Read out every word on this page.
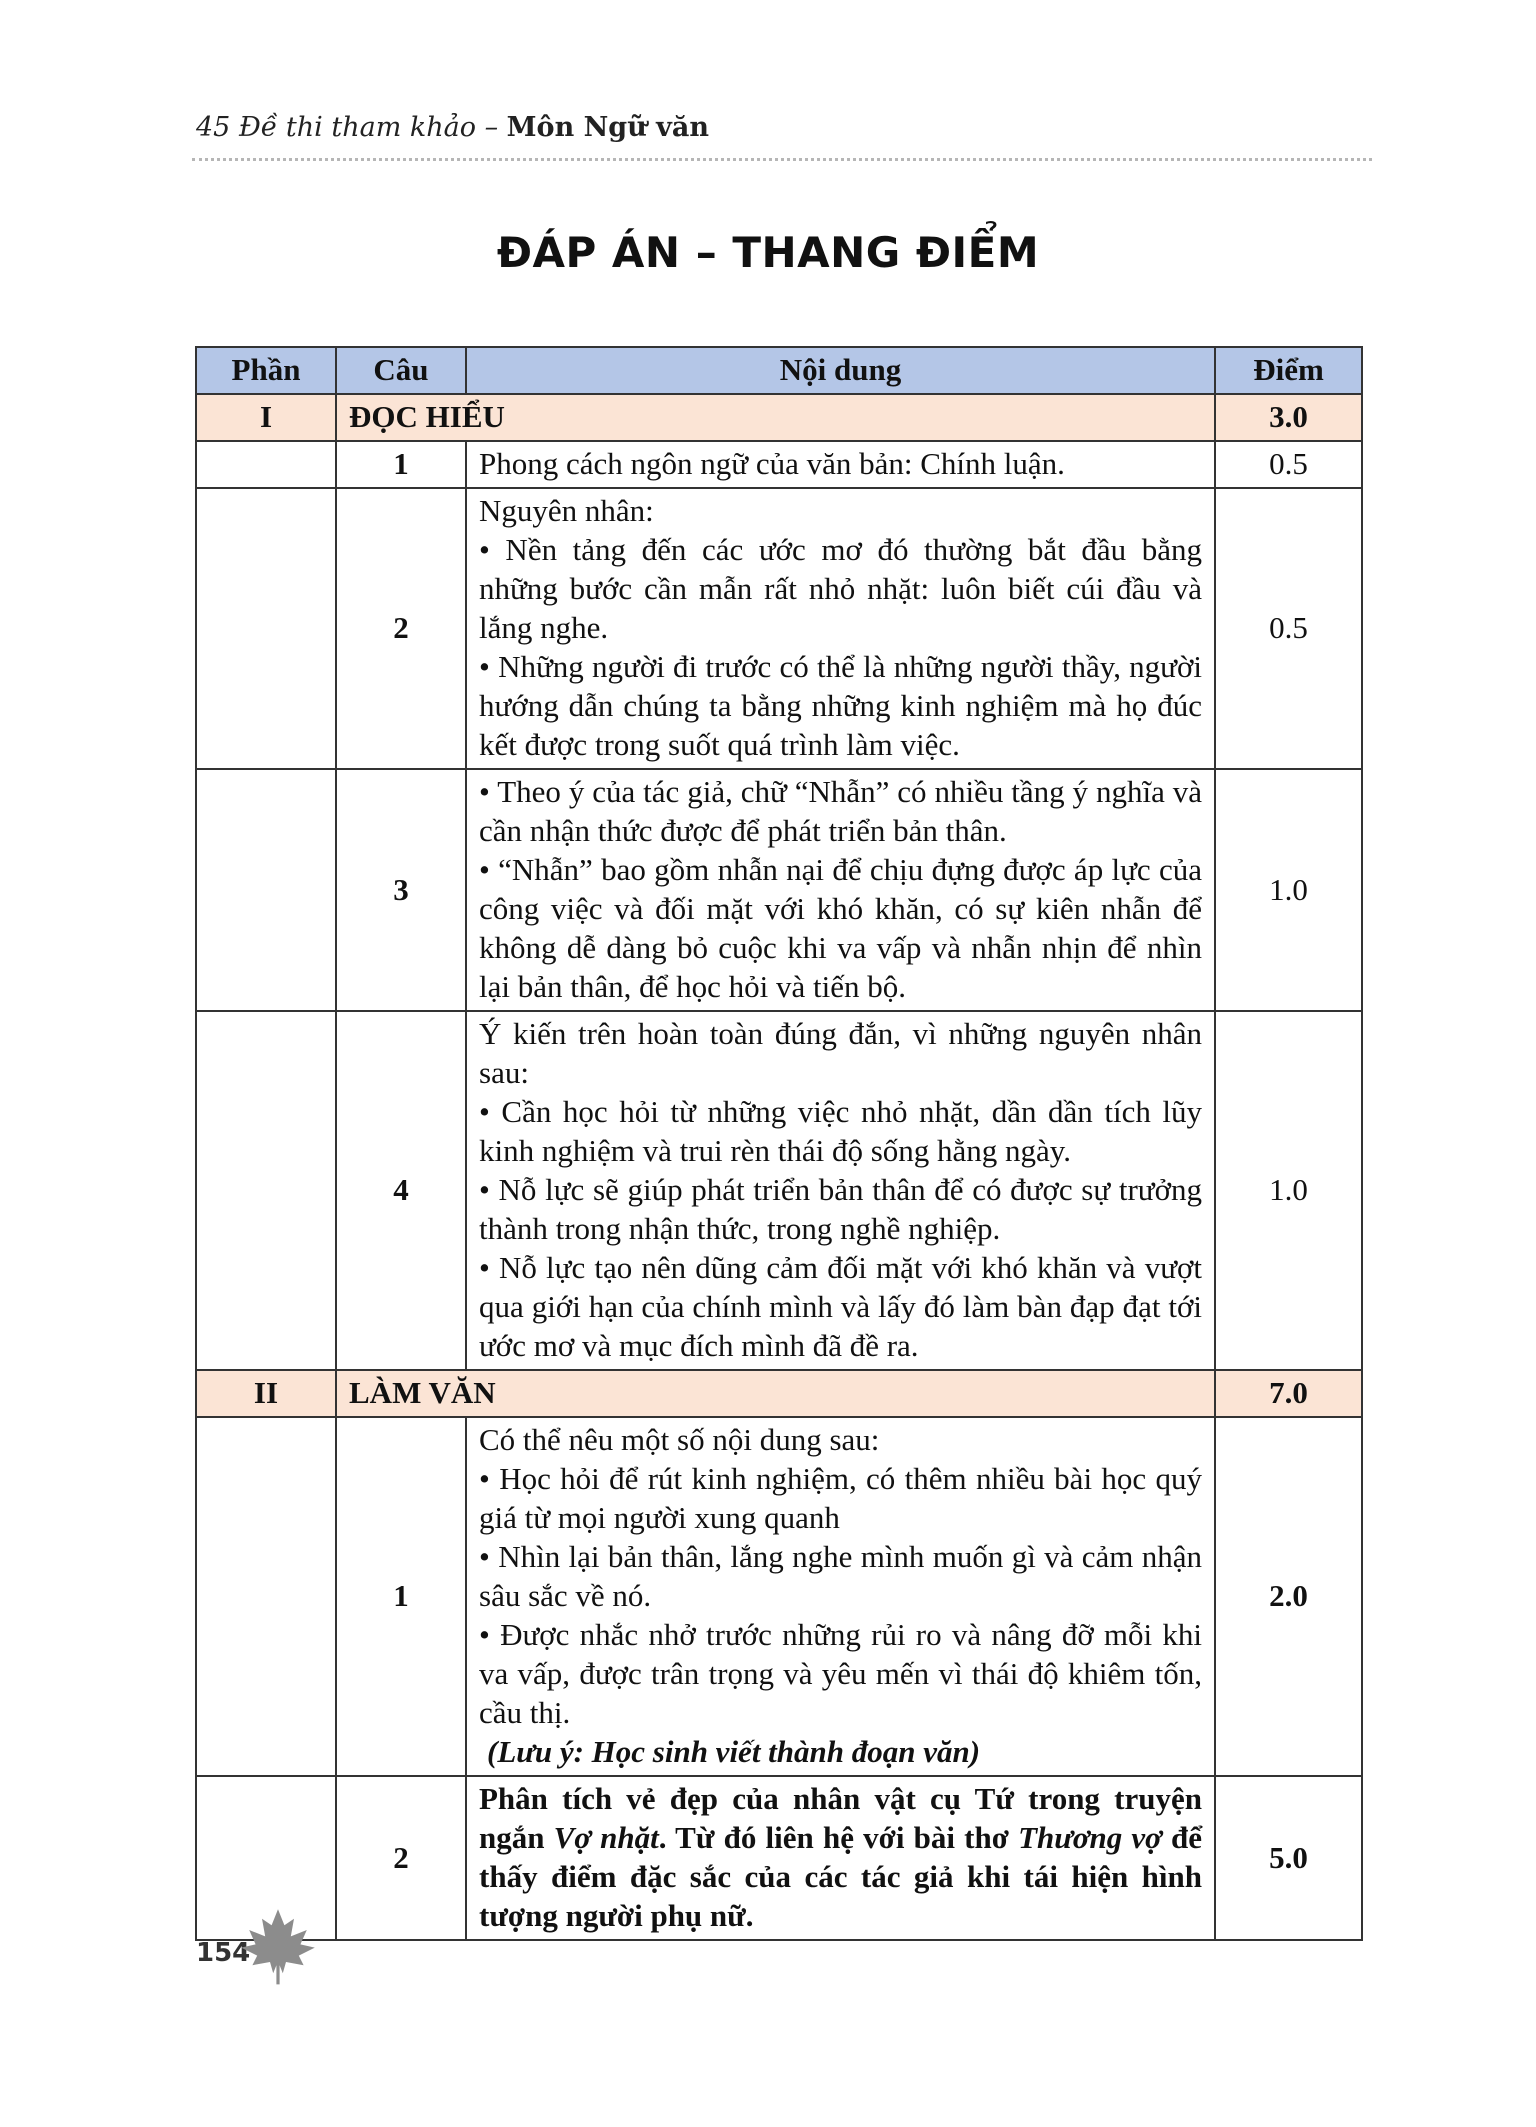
45 Đề thi tham khảo – Môn Ngữ văn
ĐÁP ÁN – THANG ĐIỂM
Phần	Câu	Nội dung	Điểm
I	ĐỌC HIỂU		3.0
	1	Phong cách ngôn ngữ của văn bản: Chính luận.	0.5
	2	Nguyên nhân:

• Nền tảng đến các ước mơ đó thường bắt đầu bằng những bước cần mẫn rất nhỏ nhặt: luôn biết cúi đầu và lắng nghe.

• Những người đi trước có thể là những người thầy, người hướng dẫn chúng ta bằng những kinh nghiệm mà họ đúc kết được trong suốt quá trình làm việc.	0.5
	3	• Theo ý của tác giả, chữ “Nhẫn” có nhiều tầng ý nghĩa và cần nhận thức được để phát triển bản thân.

• “Nhẫn” bao gồm nhẫn nại để chịu đựng được áp lực của công việc và đối mặt với khó khăn, có sự kiên nhẫn để không dễ dàng bỏ cuộc khi va vấp và nhẫn nhịn để nhìn lại bản thân, để học hỏi và tiến bộ.	1.0
	4	Ý kiến trên hoàn toàn đúng đắn, vì những nguyên nhân sau:

• Cần học hỏi từ những việc nhỏ nhặt, dần dần tích lũy kinh nghiệm và trui rèn thái độ sống hằng ngày.

• Nỗ lực sẽ giúp phát triển bản thân để có được sự trưởng thành trong nhận thức, trong nghề nghiệp.

• Nỗ lực tạo nên dũng cảm đối mặt với khó khăn và vượt qua giới hạn của chính mình và lấy đó làm bàn đạp đạt tới ước mơ và mục đích mình đã đề ra.	1.0
II	LÀM VĂN		7.0
	1	Có thể nêu một số nội dung sau:

• Học hỏi để rút kinh nghiệm, có thêm nhiều bài học quý giá từ mọi người xung quanh

• Nhìn lại bản thân, lắng nghe mình muốn gì và cảm nhận sâu sắc về nó.

• Được nhắc nhở trước những rủi ro và nâng đỡ mỗi khi va vấp, được trân trọng và yêu mến vì thái độ khiêm tốn, cầu thị.

(Lưu ý: Học sinh viết thành đoạn văn)	2.0
	2	Phân tích vẻ đẹp của nhân vật cụ Tứ trong truyện ngắn Vợ nhặt. Từ đó liên hệ với bài thơ Thương vợ để thấy điểm đặc sắc của các tác giả khi tái hiện hình tượng người phụ nữ.	5.0
154
